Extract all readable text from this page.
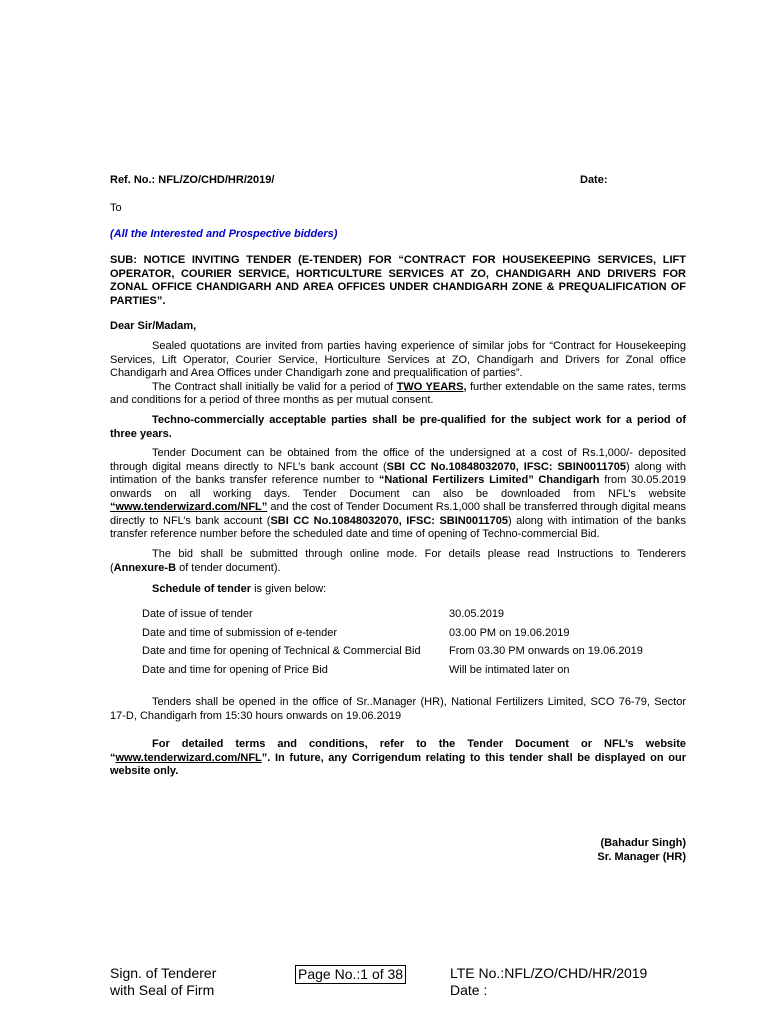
Ref. No.: NFL/ZO/CHD/HR/2019/	Date:
To
(All the Interested and Prospective bidders)
SUB: NOTICE INVITING TENDER (E-TENDER) FOR “CONTRACT FOR HOUSEKEEPING SERVICES, LIFT OPERATOR, COURIER SERVICE, HORTICULTURE SERVICES AT ZO, CHANDIGARH AND DRIVERS FOR ZONAL OFFICE CHANDIGARH AND AREA OFFICES UNDER CHANDIGARH ZONE & PREQUALIFICATION OF PARTIES”.
Dear Sir/Madam,
Sealed quotations are invited from parties having experience of similar jobs for “Contract for Housekeeping Services, Lift Operator, Courier Service, Horticulture Services at ZO, Chandigarh and Drivers for Zonal office Chandigarh and Area Offices under Chandigarh zone and prequalification of parties”.
The Contract shall initially be valid for a period of TWO YEARS, further extendable on the same rates, terms and conditions for a period of three months as per mutual consent.
Techno-commercially acceptable parties shall be pre-qualified for the subject work for a period of three years.
Tender Document can be obtained from the office of the undersigned at a cost of Rs.1,000/- deposited through digital means directly to NFL’s bank account (SBI CC No.10848032070, IFSC: SBIN0011705) along with intimation of the banks transfer reference number to “National Fertilizers Limited” Chandigarh from 30.05.2019 onwards on all working days. Tender Document can also be downloaded from NFL’s website “www.tenderwizard.com/NFL” and the cost of Tender Document Rs.1,000 shall be transferred through digital means directly to NFL’s bank account (SBI CC No.10848032070, IFSC: SBIN0011705) along with intimation of the banks transfer reference number before the scheduled date and time of opening of Techno-commercial Bid.
The bid shall be submitted through online mode. For details please read Instructions to Tenderers (Annexure-B of tender document).
Schedule of tender is given below:
Date of issue of tender	30.05.2019
Date and time of submission of e-tender	03.00 PM on 19.06.2019
Date and time for opening of Technical & Commercial Bid	From 03.30 PM onwards on 19.06.2019
Date and time for opening of Price Bid	Will be intimated later on
Tenders shall be opened in the office of Sr..Manager (HR), National Fertilizers Limited, SCO 76-79, Sector 17-D, Chandigarh from 15:30 hours onwards on 19.06.2019
For detailed terms and conditions, refer to the Tender Document or NFL’s website “www.tenderwizard.com/NFL”. In future, any Corrigendum relating to this tender shall be displayed on our website only.
(Bahadur Singh)
Sr. Manager (HR)
Sign. of Tenderer
with Seal of Firm
Page No.:1 of 38	LTE No.:NFL/ZO/CHD/HR/2019
Date :
